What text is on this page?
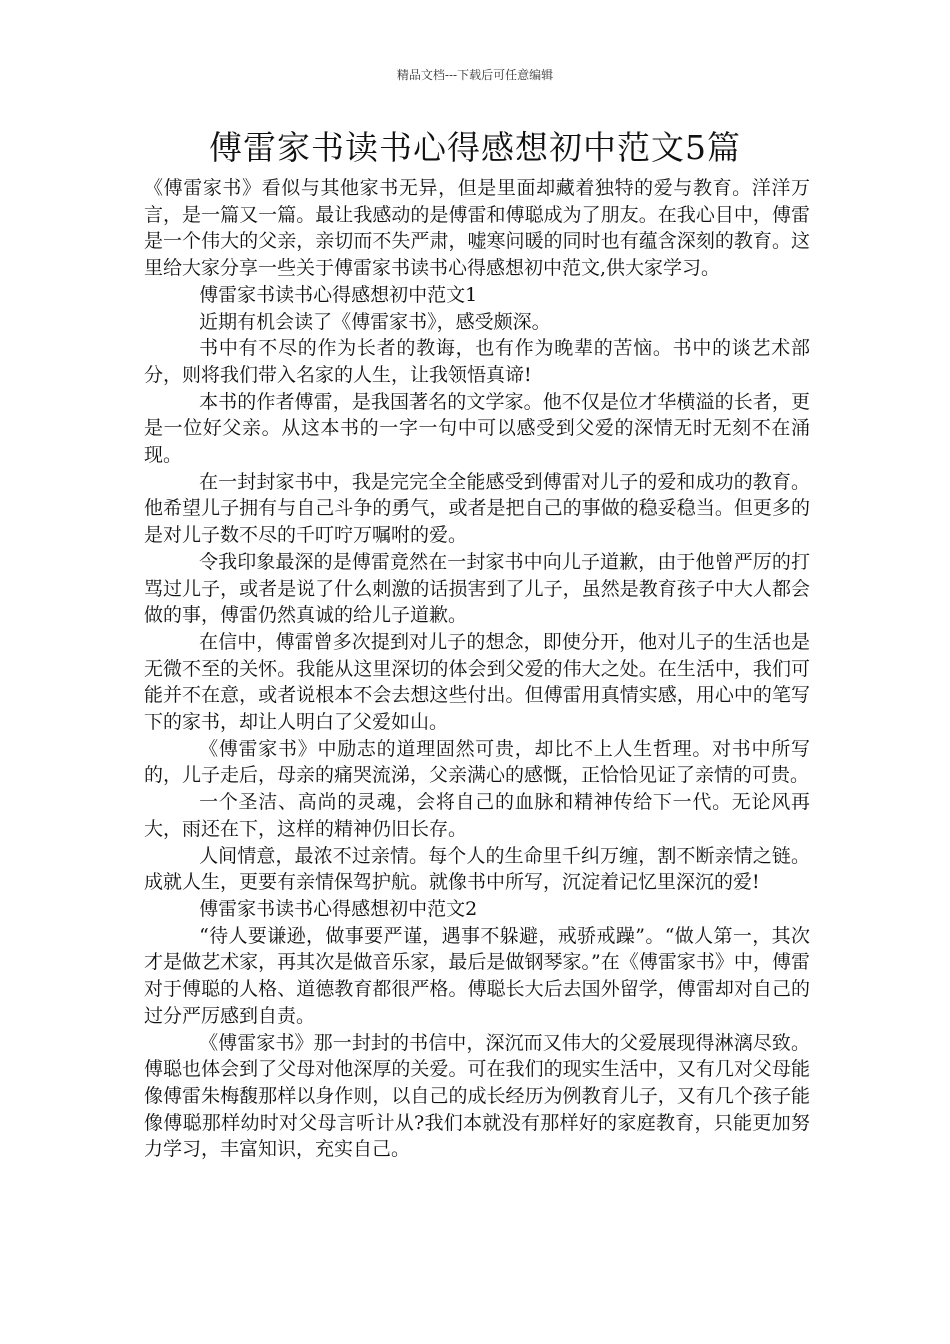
精品文档---下载后可任意编辑
傅雷家书读书心得感想初中范文5篇

《傅雷家书》看似与其他家书无异，但是里面却藏着独特的爱与教育。洋洋万言，是一篇又一篇。最让我感动的是傅雷和傅聪成为了朋友。在我心目中，傅雷是一个伟大的父亲，亲切而不失严肃，嘘寒问暖的同时也有蕴含深刻的教育。这里给大家分享一些关于傅雷家书读书心得感想初中范文,供大家学习。

傅雷家书读书心得感想初中范文1

近期有机会读了《傅雷家书》，感受颇深。

书中有不尽的作为长者的教诲，也有作为晚辈的苦恼。书中的谈艺术部分，则将我们带入名家的人生，让我领悟真谛!

本书的作者傅雷，是我国著名的文学家。他不仅是位才华横溢的长者，更是一位好父亲。从这本书的一字一句中可以感受到父爱的深情无时无刻不在涌现。

在一封封家书中，我是完完全全能感受到傅雷对儿子的爱和成功的教育。他希望儿子拥有与自己斗争的勇气，或者是把自己的事做的稳妥稳当。但更多的是对儿子数不尽的千叮咛万嘱咐的爱。

令我印象最深的是傅雷竟然在一封家书中向儿子道歉，由于他曾严厉的打骂过儿子，或者是说了什么刺激的话损害到了儿子，虽然是教育孩子中大人都会做的事，傅雷仍然真诚的给儿子道歉。

在信中，傅雷曾多次提到对儿子的想念，即使分开，他对儿子的生活也是无微不至的关怀。我能从这里深切的体会到父爱的伟大之处。在生活中，我们可能并不在意，或者说根本不会去想这些付出。但傅雷用真情实感，用心中的笔写下的家书，却让人明白了父爱如山。

《傅雷家书》中励志的道理固然可贵，却比不上人生哲理。对书中所写的，儿子走后，母亲的痛哭流涕，父亲满心的感慨，正恰恰见证了亲情的可贵。

一个圣洁、高尚的灵魂，会将自己的血脉和精神传给下一代。无论风再大，雨还在下，这样的精神仍旧长存。

人间情意，最浓不过亲情。每个人的生命里千纠万缠，割不断亲情之链。成就人生，更要有亲情保驾护航。就像书中所写，沉淀着记忆里深沉的爱!

傅雷家书读书心得感想初中范文2

“待人要谦逊，做事要严谨，遇事不躲避，戒骄戒躁”。“做人第一，其次才是做艺术家，再其次是做音乐家，最后是做钢琴家。”在《傅雷家书》中，傅雷对于傅聪的人格、道德教育都很严格。傅聪长大后去国外留学，傅雷却对自己的过分严厉感到自责。

《傅雷家书》那一封封的书信中，深沉而又伟大的父爱展现得淋漓尽致。傅聪也体会到了父母对他深厚的关爱。可在我们的现实生活中，又有几对父母能像傅雷朱梅馥那样以身作则，以自己的成长经历为例教育儿子，又有几个孩子能像傅聪那样幼时对父母言听计从?我们本就没有那样好的家庭教育，只能更加努力学习，丰富知识，充实自己。
